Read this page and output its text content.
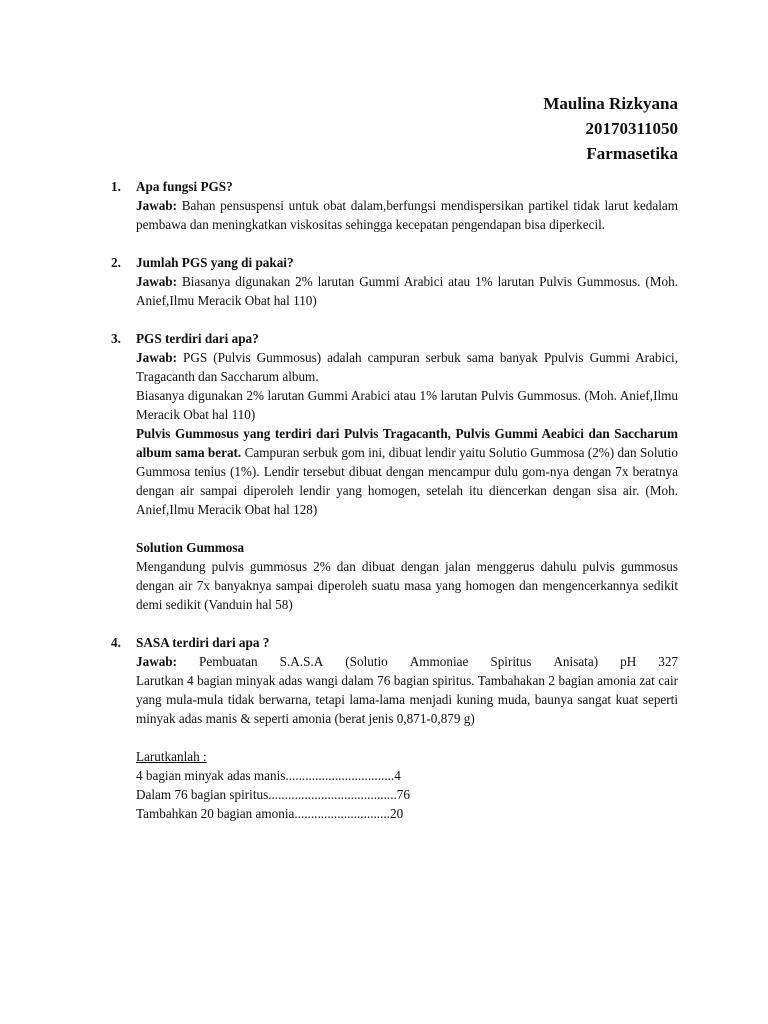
Maulina Rizkyana
20170311050
Farmasetika
1. Apa fungsi PGS?
Jawab: Bahan pensuspensi untuk obat dalam,berfungsi mendispersikan partikel tidak larut kedalam pembawa dan meningkatkan viskositas sehingga kecepatan pengendapan bisa diperkecil.
2. Jumlah PGS yang di pakai?
Jawab: Biasanya digunakan 2% larutan Gummi Arabici atau 1% larutan Pulvis Gummosus. (Moh. Anief,Ilmu Meracik Obat hal 110)
3. PGS terdiri dari apa?
Jawab: PGS (Pulvis Gummosus) adalah campuran serbuk sama banyak Ppulvis Gummi Arabici, Tragacanth dan Saccharum album.
Biasanya digunakan 2% larutan Gummi Arabici atau 1% larutan Pulvis Gummosus. (Moh. Anief,Ilmu Meracik Obat hal 110)
Pulvis Gummosus yang terdiri dari Pulvis Tragacanth, Pulvis Gummi Aeabici dan Saccharum album sama berat. Campuran serbuk gom ini, dibuat lendir yaitu Solutio Gummosa (2%) dan Solutio Gummosa tenius (1%). Lendir tersebut dibuat dengan mencampur dulu gom-nya dengan 7x beratnya dengan air sampai diperoleh lendir yang homogen, setelah itu diencerkan dengan sisa air. (Moh. Anief,Ilmu Meracik Obat hal 128)
Solution Gummosa
Mengandung pulvis gummosus 2% dan dibuat dengan jalan menggerus dahulu pulvis gummosus dengan air 7x banyaknya sampai diperoleh suatu masa yang homogen dan mengencerkannya sedikit demi sedikit (Vanduin hal 58)
4. SASA terdiri dari apa ?
Jawab: Pembuatan S.A.S.A (Solutio Ammoniae Spiritus Anisata) pH 327
Larutkan 4 bagian minyak adas wangi dalam 76 bagian spiritus. Tambahakan 2 bagian amonia zat cair yang mula-mula tidak berwarna, tetapi lama-lama menjadi kuning muda, baunya sangat kuat seperti minyak adas manis & seperti amonia (berat jenis 0,871-0,879 g)
Larutkanlah :
4 bagian minyak adas manis.................................4
Dalam 76 bagian spiritus.......................................76
Tambahkan 20 bagian amonia.............................20
